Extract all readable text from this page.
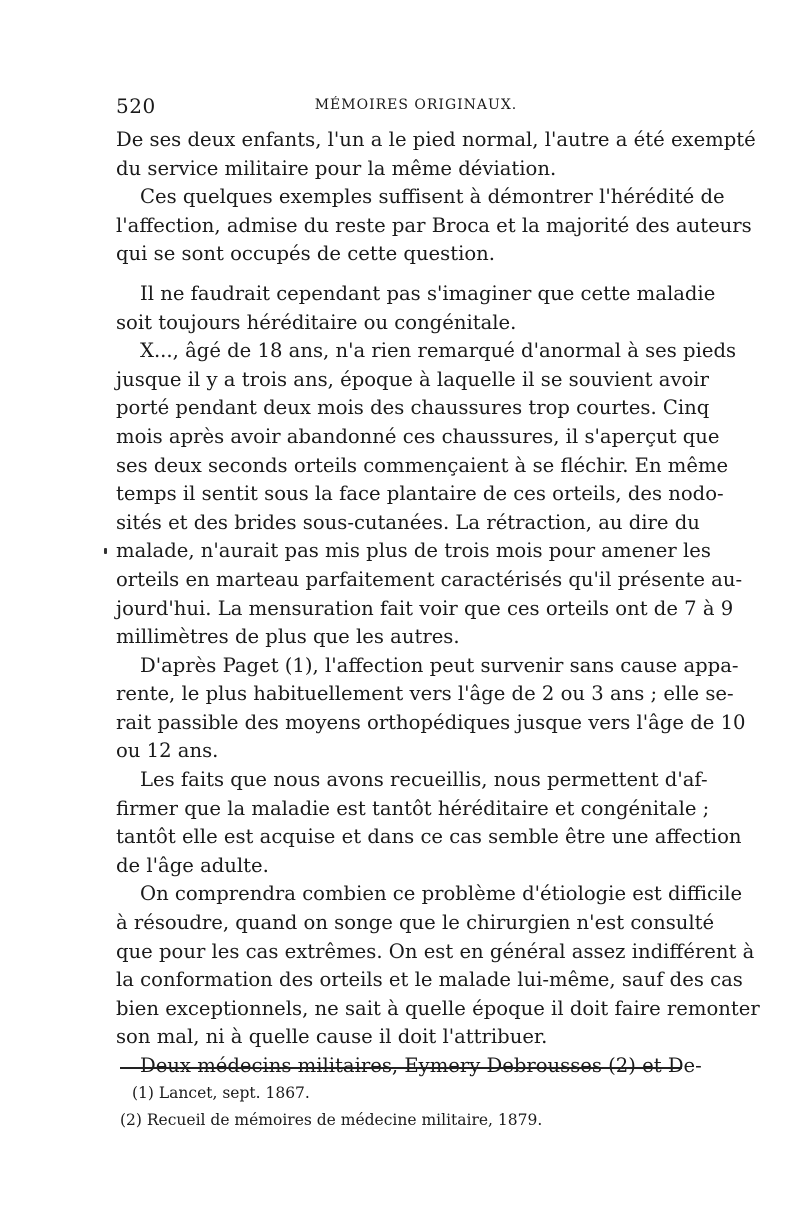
520	MÉMOIRES ORIGINAUX.
De ses deux enfants, l'un a le pied normal, l'autre a été exempté
du service militaire pour la même déviation.
Ces quelques exemples suffisent à démontrer l'hérédité de
l'affection, admise du reste par Broca et la majorité des auteurs
qui se sont occupés de cette question.
Il ne faudrait cependant pas s'imaginer que cette maladie
soit toujours héréditaire ou congénitale.
X..., âgé de 18 ans, n'a rien remarqué d'anormal à ses pieds
jusque il y a trois ans, époque à laquelle il se souvient avoir
porté pendant deux mois des chaussures trop courtes. Cinq
mois après avoir abandonné ces chaussures, il s'aperçut que
ses deux seconds orteils commençaient à se fléchir. En même
temps il sentit sous la face plantaire de ces orteils, des nodo-
sités et des brides sous-cutanées. La rétraction, au dire du
malade, n'aurait pas mis plus de trois mois pour amener les
orteils en marteau parfaitement caractérisés qu'il présente au-
jourd'hui. La mensuration fait voir que ces orteils ont de 7 à 9
millimètres de plus que les autres.
D'après Paget (1), l'affection peut survenir sans cause appa-
rente, le plus habituellement vers l'âge de 2 ou 3 ans ; elle se-
rait passible des moyens orthopédiques jusque vers l'âge de 10
ou 12 ans.
Les faits que nous avons recueillis, nous permettent d'af-
firmer que la maladie est tantôt héréditaire et congénitale ;
tantôt elle est acquise et dans ce cas semble être une affection
de l'âge adulte.
On comprendra combien ce problème d'étiologie est difficile
à résoudre, quand on songe que le chirurgien n'est consulté
que pour les cas extrêmes. On est en général assez indifférent à
la conformation des orteils et le malade lui-même, sauf des cas
bien exceptionnels, ne sait à quelle époque il doit faire remonter
son mal, ni à quelle cause il doit l'attribuer.
Deux médecins militaires, Eymery Debrousses (2) et De-
(1) Lancet, sept. 1867.
(2) Recueil de mémoires de médecine militaire, 1879.
